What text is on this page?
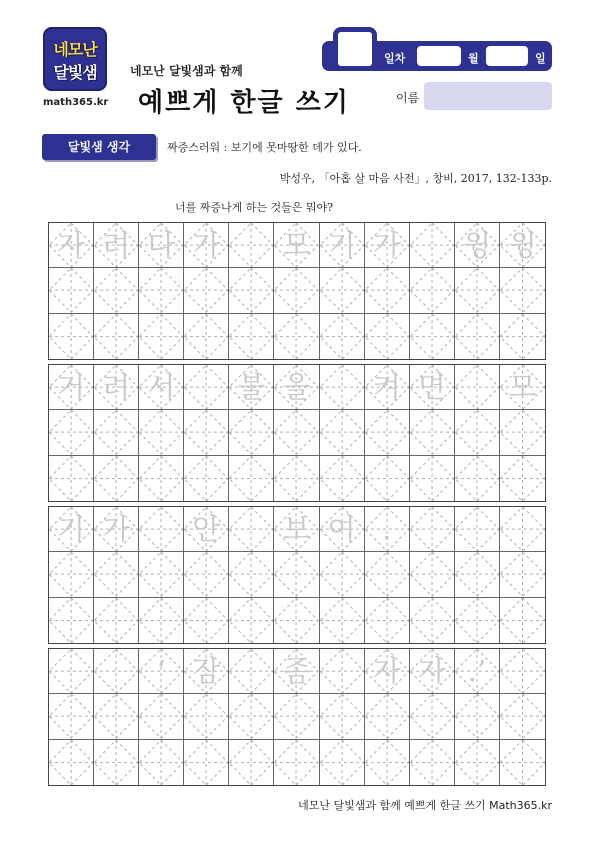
네모난
달빛샘
math365.kr
네모난 달빛샘과 함께
예쁘게 한글 쓰기
일차	월	일
이름
달빛샘 생각	짜증스러워 : 보기에 못마땅한 데가 있다.
박성우, 「아홉 살 마음 사전」, 창비, 2017, 132-133p.
너를 짜증나게 하는 것들은 뭐야?
자 려 다 가 모 기 가 윙 윙
거 려 서 불 을 켜 면 모
기 가 안 보 여 .
‘ 잠 좀 자 자 .’
네모난 달빛샘과 함께 예쁘게 한글 쓰기 Math365.kr
